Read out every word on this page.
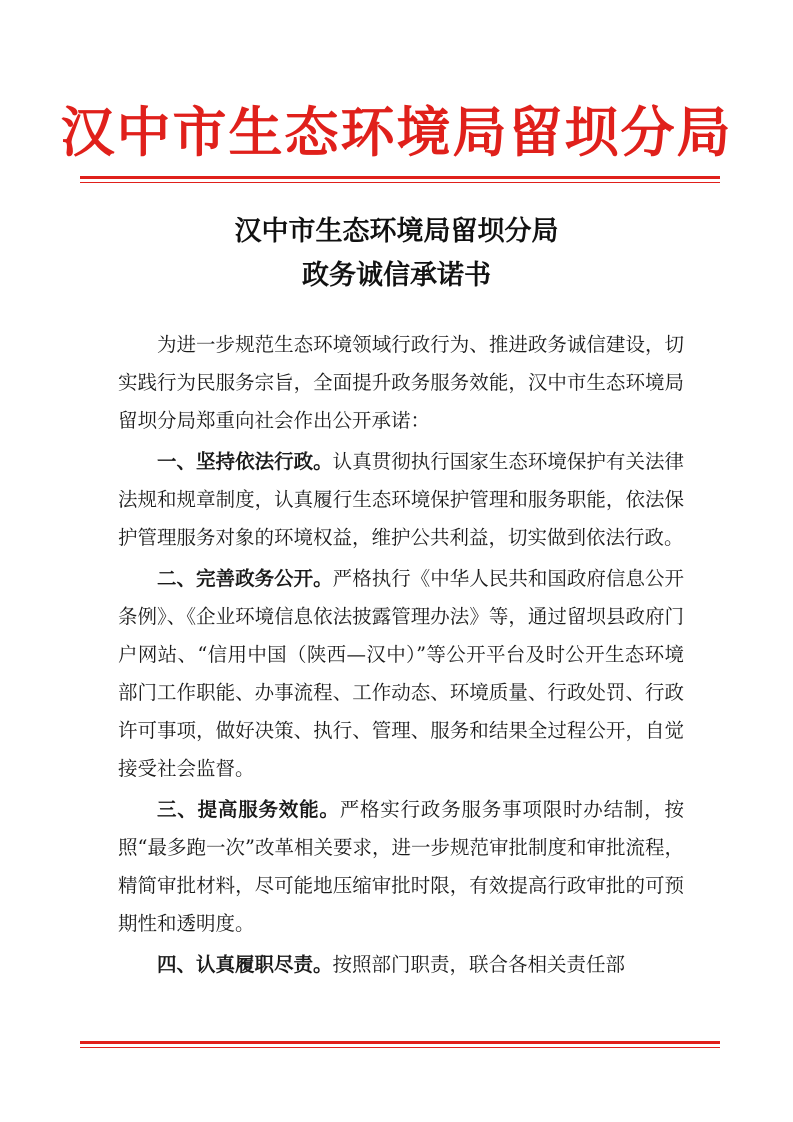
汉中市生态环境局留坝分局
汉中市生态环境局留坝分局
政务诚信承诺书

为进一步规范生态环境领域行政行为、推进政务诚信建设，切实践行为民服务宗旨，全面提升政务服务效能，汉中市生态环境局留坝分局郑重向社会作出公开承诺：

一、坚持依法行政。认真贯彻执行国家生态环境保护有关法律法规和规章制度，认真履行生态环境保护管理和服务职能，依法保护管理服务对象的环境权益，维护公共利益，切实做到依法行政。

二、完善政务公开。严格执行《中华人民共和国政府信息公开条例》、《企业环境信息依法披露管理办法》等，通过留坝县政府门户网站、“信用中国（陕西—汉中）”等公开平台及时公开生态环境部门工作职能、办事流程、工作动态、环境质量、行政处罚、行政许可事项，做好决策、执行、管理、服务和结果全过程公开，自觉接受社会监督。

三、提高服务效能。严格实行政务服务事项限时办结制，按照“最多跑一次”改革相关要求，进一步规范审批制度和审批流程，精简审批材料，尽可能地压缩审批时限，有效提高行政审批的可预期性和透明度。

四、认真履职尽责。按照部门职责，联合各相关责任部
